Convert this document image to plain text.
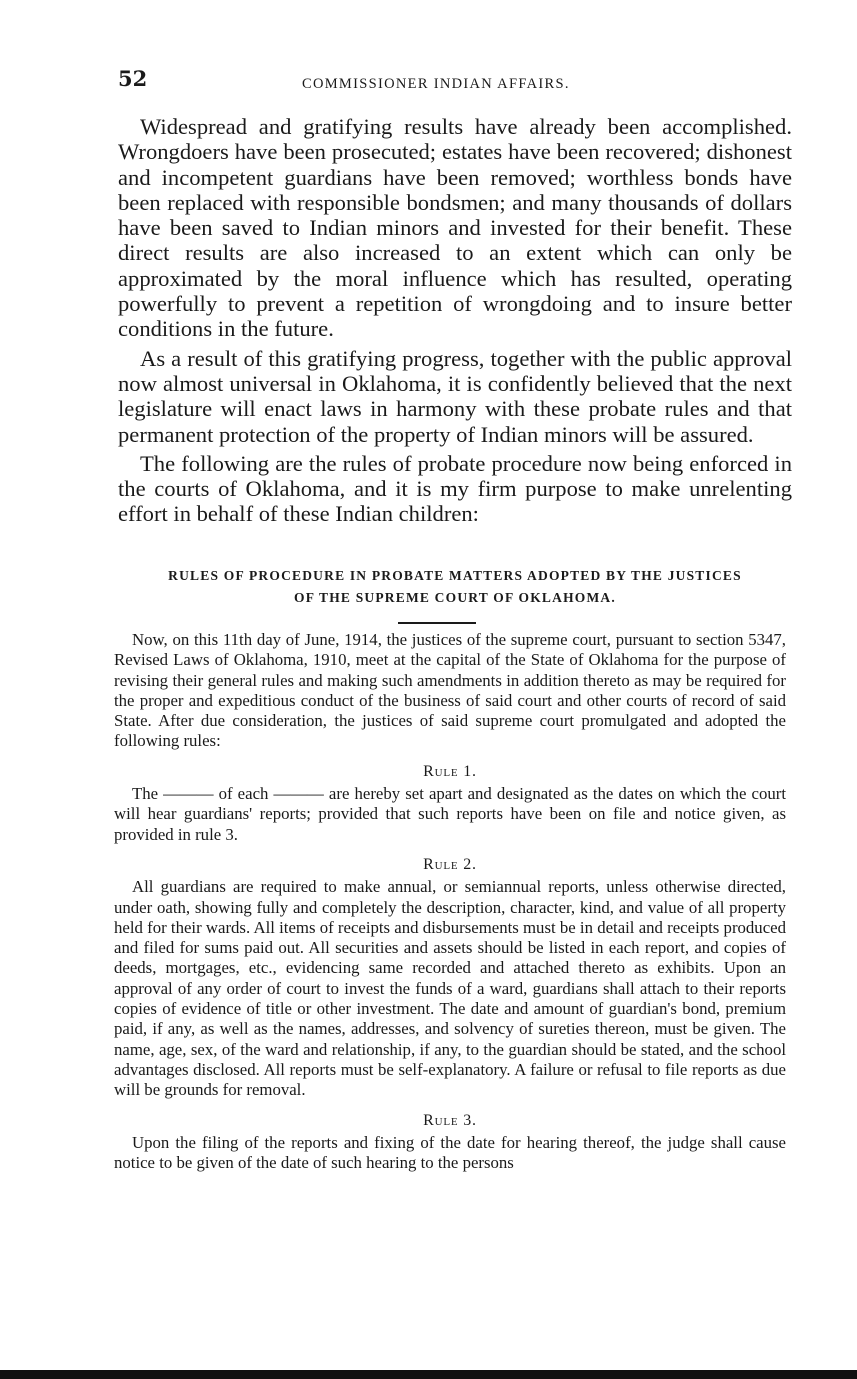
52	COMMISSIONER INDIAN AFFAIRS.

Widespread and gratifying results have already been accomplished. Wrongdoers have been prosecuted; estates have been recovered; dishonest and incompetent guardians have been removed; worthless bonds have been replaced with responsible bondsmen; and many thousands of dollars have been saved to Indian minors and invested for their benefit. These direct results are also increased to an extent which can only be approximated by the moral influence which has resulted, operating powerfully to prevent a repetition of wrongdoing and to insure better conditions in the future.

As a result of this gratifying progress, together with the public approval now almost universal in Oklahoma, it is confidently believed that the next legislature will enact laws in harmony with these probate rules and that permanent protection of the property of Indian minors will be assured.

The following are the rules of probate procedure now being enforced in the courts of Oklahoma, and it is my firm purpose to make unrelenting effort in behalf of these Indian children:

RULES OF PROCEDURE IN PROBATE MATTERS ADOPTED BY THE JUSTICES
OF THE SUPREME COURT OF OKLAHOMA.

Now, on this 11th day of June, 1914, the justices of the supreme court, pursuant to section 5347, Revised Laws of Oklahoma, 1910, meet at the capital of the State of Oklahoma for the purpose of revising their general rules and making such amendments in addition thereto as may be required for the proper and expeditious conduct of the business of said court and other courts of record of said State. After due consideration, the justices of said supreme court promulgated and adopted the following rules:

Rule 1.

The ——— of each ——— are hereby set apart and designated as the dates on which the court will hear guardians' reports; provided that such reports have been on file and notice given, as provided in rule 3.

Rule 2.

All guardians are required to make annual, or semiannual reports, unless otherwise directed, under oath, showing fully and completely the description, character, kind, and value of all property held for their wards. All items of receipts and disbursements must be in detail and receipts produced and filed for sums paid out. All securities and assets should be listed in each report, and copies of deeds, mortgages, etc., evidencing same recorded and attached thereto as exhibits. Upon an approval of any order of court to invest the funds of a ward, guardians shall attach to their reports copies of evidence of title or other investment. The date and amount of guardian's bond, premium paid, if any, as well as the names, addresses, and solvency of sureties thereon, must be given. The name, age, sex, of the ward and relationship, if any, to the guardian should be stated, and the school advantages disclosed. All reports must be self-explanatory. A failure or refusal to file reports as due will be grounds for removal.

Rule 3.

Upon the filing of the reports and fixing of the date for hearing thereof, the judge shall cause notice to be given of the date of such hearing to the persons
